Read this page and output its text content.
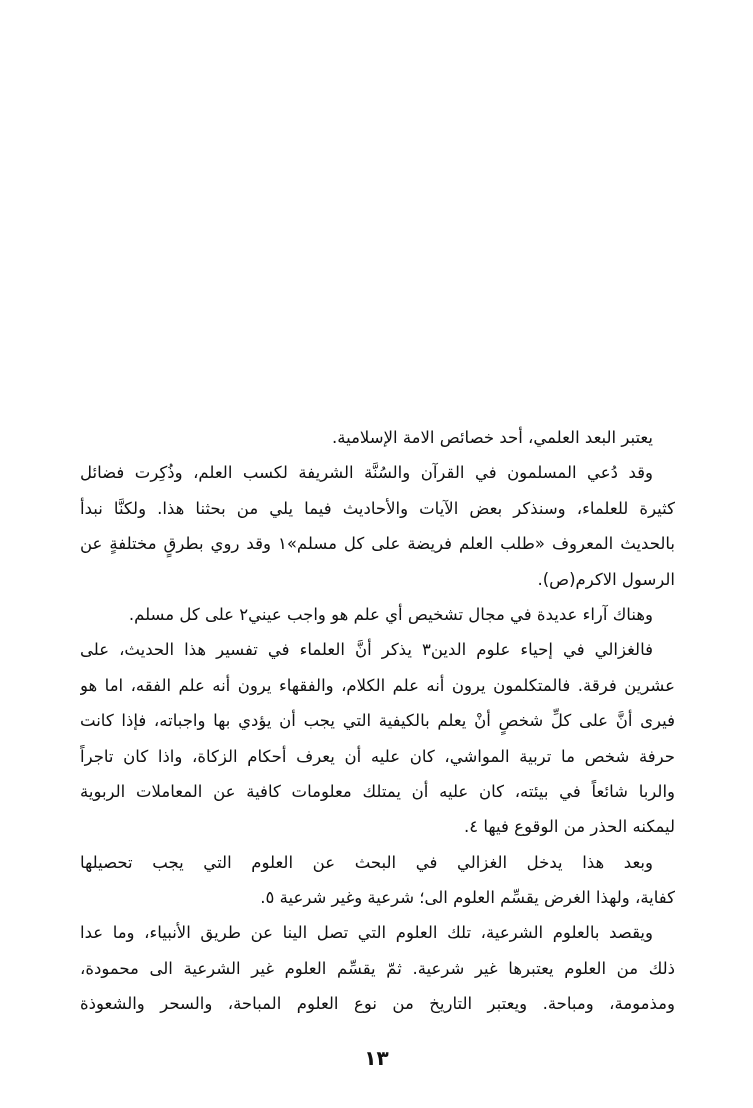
يعتبر البعد العلمي، أحد خصائص الامة الإسلامية.
وقد دُعي المسلمون في القرآن والسُنَّة الشريفة لكسب العلم، وذُكِرت فضائل
كثيرة للعلماء، وسنذكر بعض الآيات والأحاديث فيما يلي من بحثنا هذا. ولكنَّا نبدأ
بالحديث المعروف «طلب العلم فريضة على كل مسلم»١ وقد روي بطرقٍ مختلفةٍ عن
الرسول الاكرم(ص).
وهناك آراء عديدة في مجال تشخيص أي علم هو واجب عيني٢ على كل مسلم.
فالغزالي في إحياء علوم الدين٣ يذكر أنَّ العلماء في تفسير هذا الحديث، على
عشرين فرقة. فالمتكلمون يرون أنه علم الكلام، والفقهاء يرون أنه علم الفقه، اما هو
فيرى أنَّ على كلِّ شخصٍ أنْ يعلم بالكيفية التي يجب أن يؤدي بها واجباته، فإذا كانت
حرفة شخص ما تربية المواشي، كان عليه أن يعرف أحكام الزكاة، واذا كان تاجراً
والربا شائعاً في بيئته، كان عليه أن يمتلك معلومات كافية عن المعاملات الربوية
ليمكنه الحذر من الوقوع فيها ٤.
وبعد هذا يدخل الغزالي في البحث عن العلوم التي يجب تحصيلها
كفاية، ولهذا الغرض يقسِّم العلوم الى؛ شرعية وغير شرعية ٥.
ويقصد بالعلوم الشرعية، تلك العلوم التي تصل الينا عن طريق الأنبياء، وما عدا
ذلك من العلوم يعتبرها غير شرعية. ثمّ يقسِّم العلوم غير الشرعية الى محمودة،
ومذمومة، ومباحة. ويعتبر التاريخ من نوع العلوم المباحة، والسحر والشعوذة
١٣
